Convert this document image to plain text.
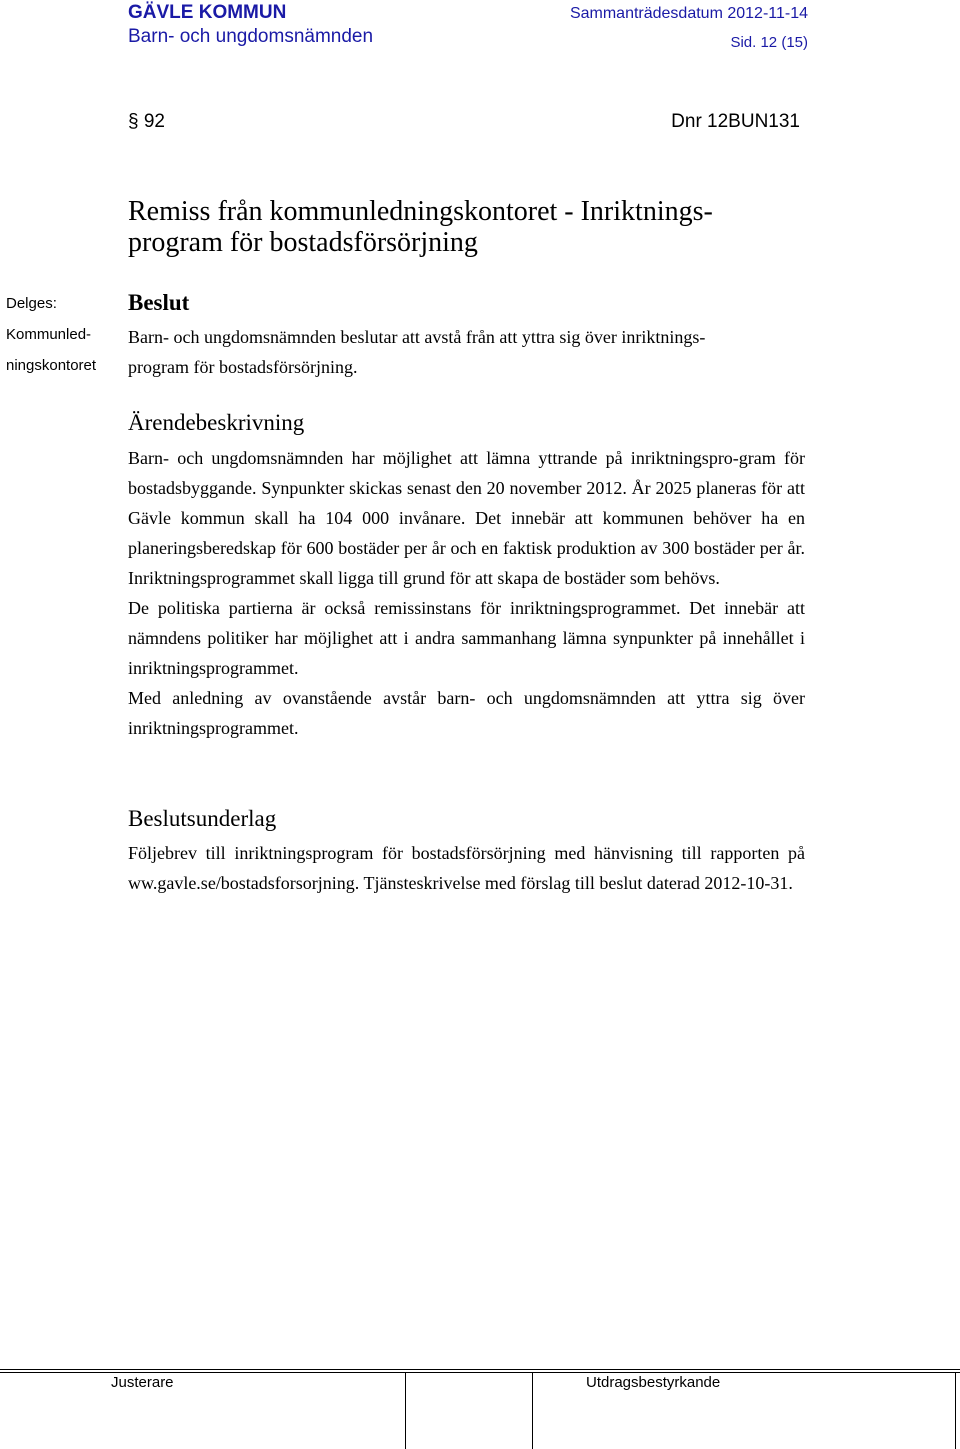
GÄVLE KOMMUN
Barn- och ungdomsnämnden
Sammanträdesdatum 2012-11-14
Sid. 12 (15)
§ 92	Dnr 12BUN131
Remiss från kommunledningskontoret - Inriktnings-
program för bostadsförsörjning
Delges:
Kommunled-
ningskontoret
Beslut
Barn- och ungdomsnämnden beslutar att avstå från att yttra sig över inriktnings-
program för bostadsförsörjning.
Ärendebeskrivning

Barn- och ungdomsnämnden har möjlighet att lämna yttrande på inriktningspro-gram för bostadsbyggande. Synpunkter skickas senast den 20 november 2012. År 2025 planeras för att Gävle kommun skall ha 104 000 invånare. Det innebär att kommunen behöver ha en planeringsberedskap för 600 bostäder per år och en faktisk produktion av 300 bostäder per år. Inriktningsprogrammet skall ligga till grund för att skapa de bostäder som behövs.

De politiska partierna är också remissinstans för inriktningsprogrammet. Det innebär att nämndens politiker har möjlighet att i andra sammanhang lämna synpunkter på innehållet i inriktningsprogrammet.

Med anledning av ovanstående avstår barn- och ungdomsnämnden att yttra sig över inriktningsprogrammet.

Beslutsunderlag

Följebrev till inriktningsprogram för bostadsförsörjning med hänvisning till rapporten på ww.gavle.se/bostadsforsorjning. Tjänsteskrivelse med förslag till beslut daterad 2012-10-31.

Justerare	Utdragsbestyrkande
